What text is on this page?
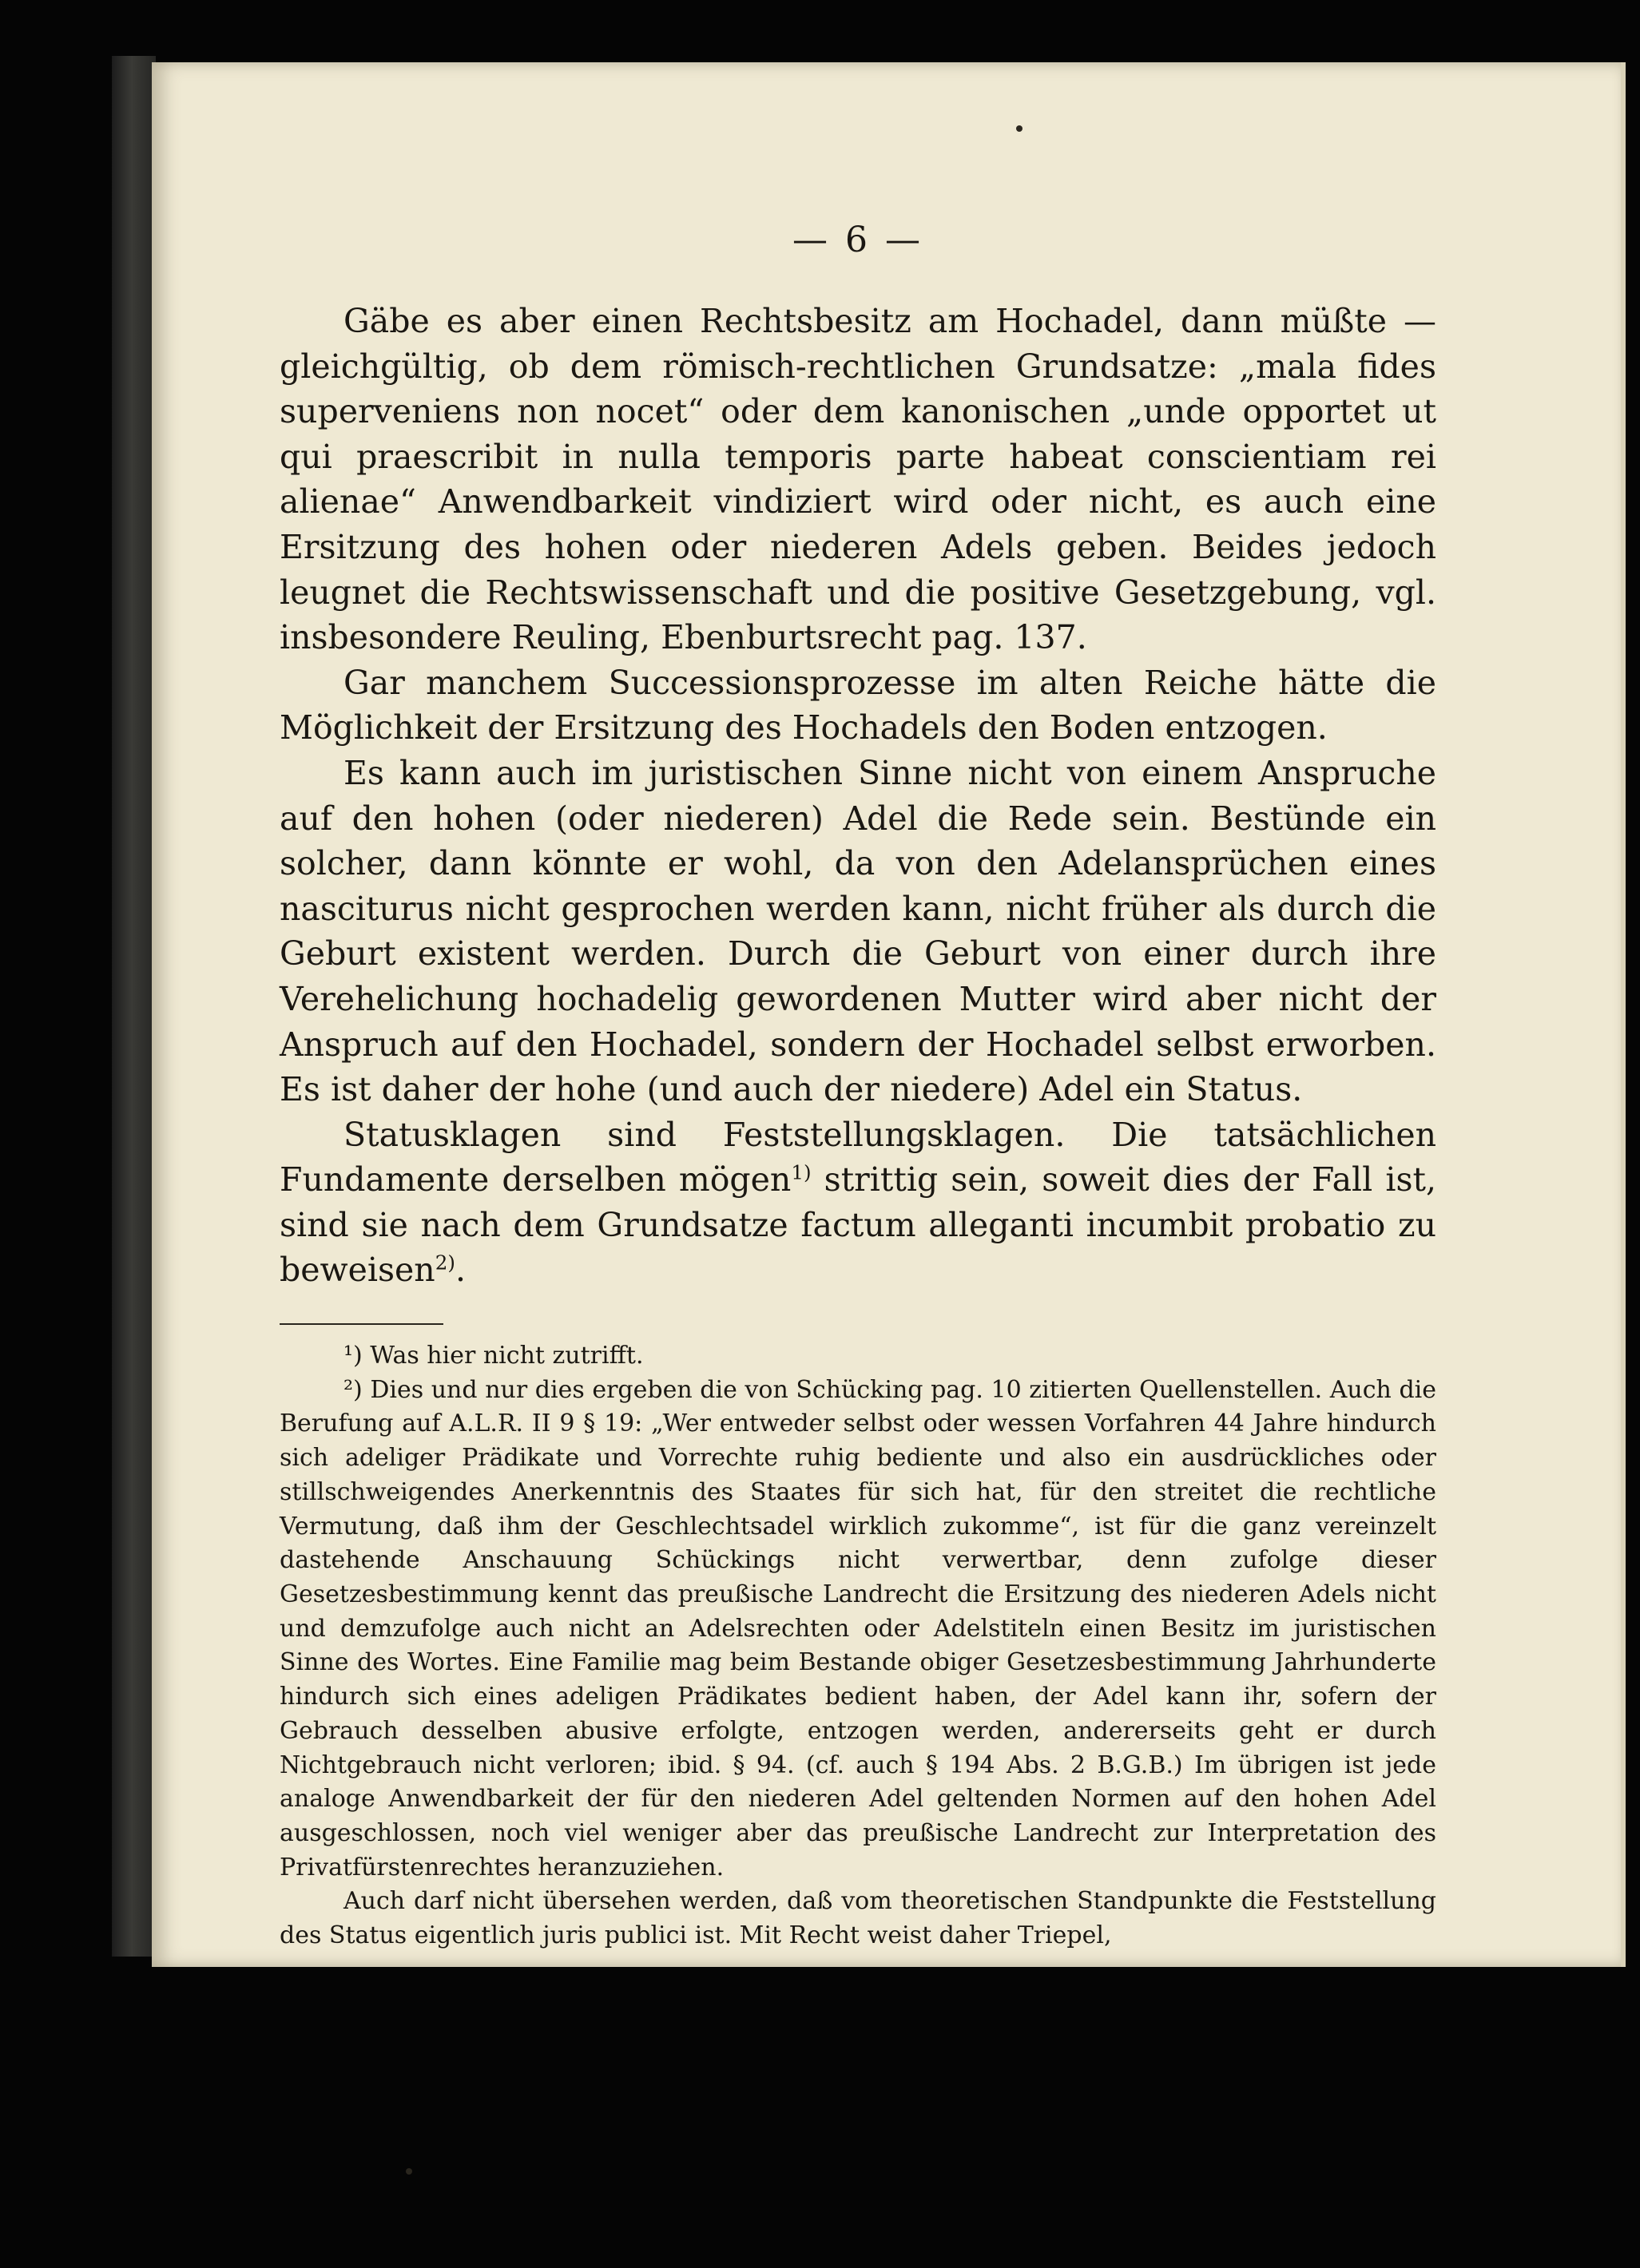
— 6 —

Gäbe es aber einen Rechtsbesitz am Hochadel, dann müßte — gleichgültig, ob dem römisch-rechtlichen Grundsatze: „mala fides superveniens non nocet“ oder dem kanonischen „unde opportet ut qui praescribit in nulla temporis parte habeat conscientiam rei alienae“ Anwendbarkeit vindiziert wird oder nicht, es auch eine Ersitzung des hohen oder niederen Adels geben. Beides jedoch leugnet die Rechtswissenschaft und die positive Gesetzgebung, vgl. insbesondere Reuling, Ebenburtsrecht pag. 137.

Gar manchem Successionsprozesse im alten Reiche hätte die Möglichkeit der Ersitzung des Hochadels den Boden entzogen.

Es kann auch im juristischen Sinne nicht von einem Anspruche auf den hohen (oder niederen) Adel die Rede sein. Bestünde ein solcher, dann könnte er wohl, da von den Adelansprüchen eines nasciturus nicht gesprochen werden kann, nicht früher als durch die Geburt existent werden. Durch die Geburt von einer durch ihre Verehelichung hochadelig gewordenen Mutter wird aber nicht der Anspruch auf den Hochadel, sondern der Hochadel selbst erworben. Es ist daher der hohe (und auch der niedere) Adel ein Status.

Statusklagen sind Feststellungsklagen. Die tatsächlichen Fundamente derselben mögen$^{1)}$ strittig sein, soweit dies der Fall ist, sind sie nach dem Grundsatze factum alleganti incumbit probatio zu beweisen$^{2)}$.

¹) Was hier nicht zutrifft.

²) Dies und nur dies ergeben die von Schücking pag. 10 zitierten Quellenstellen. Auch die Berufung auf A.L.R. II 9 § 19: „Wer entweder selbst oder wessen Vorfahren 44 Jahre hindurch sich adeliger Prädikate und Vorrechte ruhig bediente und also ein ausdrückliches oder stillschweigendes Anerkenntnis des Staates für sich hat, für den streitet die rechtliche Vermutung, daß ihm der Geschlechtsadel wirklich zukomme“, ist für die ganz vereinzelt dastehende Anschauung Schückings nicht verwertbar, denn zufolge dieser Gesetzesbestimmung kennt das preußische Landrecht die Ersitzung des niederen Adels nicht und demzufolge auch nicht an Adelsrechten oder Adelstiteln einen Besitz im juristischen Sinne des Wortes. Eine Familie mag beim Bestande obiger Gesetzesbestimmung Jahrhunderte hindurch sich eines adeligen Prädikates bedient haben, der Adel kann ihr, sofern der Gebrauch desselben abusive erfolgte, entzogen werden, andererseits geht er durch Nichtgebrauch nicht verloren; ibid. § 94. (cf. auch § 194 Abs. 2 B.G.B.) Im übrigen ist jede analoge Anwendbarkeit der für den niederen Adel geltenden Normen auf den hohen Adel ausgeschlossen, noch viel weniger aber das preußische Landrecht zur Interpretation des Privatfürstenrechtes heranzuziehen.

Auch darf nicht übersehen werden, daß vom theoretischen Standpunkte die Feststellung des Status eigentlich juris publici ist. Mit Recht weist daher Triepel,
